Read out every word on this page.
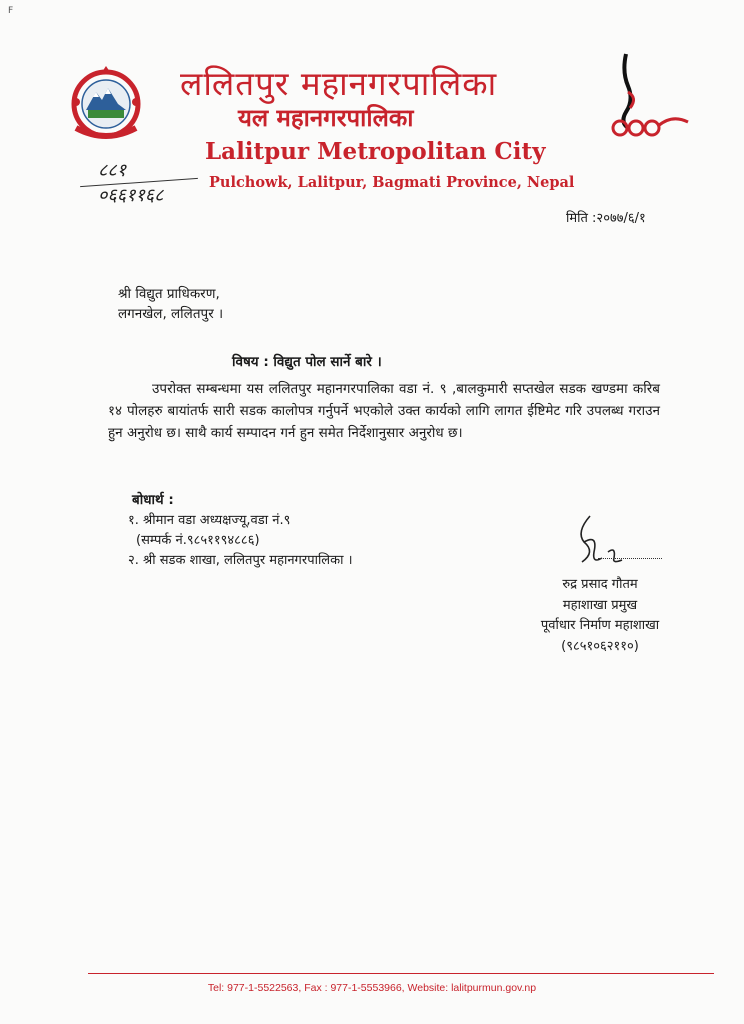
F
ललितपुर महानगरपालिका
यल महानगरपालिका
Lalitpur Metropolitan City
Pulchowk, Lalitpur, Bagmati Province, Nepal
८८१
०६६११६८
मिति :२०७७/६/१
श्री विद्युत प्राधिकरण,
लगनखेल, ललितपुर ।
विषय : विद्युत पोल सार्ने बारे ।
उपरोक्त सम्बन्धमा यस ललितपुर महानगरपालिका वडा नं. ९ ,बालकुमारी सप्तखेल सडक खण्डमा करिब १४ पोलहरु बायांतर्फ सारी सडक कालोपत्र गर्नुपर्ने भएकोले उक्त कार्यको लागि लागत ईष्टिमेट गरि उपलब्ध गराउन हुन अनुरोध छ। साथै कार्य सम्पादन गर्न हुन समेत निर्देशानुसार अनुरोध छ।
बोधार्थ :
१. श्रीमान वडा अध्यक्षज्यू,वडा नं.९
(सम्पर्क नं.९८५११९४८८६)
२. श्री सडक शाखा, ललितपुर महानगरपालिका ।
रुद्र प्रसाद गौतम
महाशाखा प्रमुख
पूर्वाधार निर्माण महाशाखा
(९८५१०६२११०)
Tel: 977-1-5522563, Fax : 977-1-5553966, Website: lalitpurmun.gov.np
